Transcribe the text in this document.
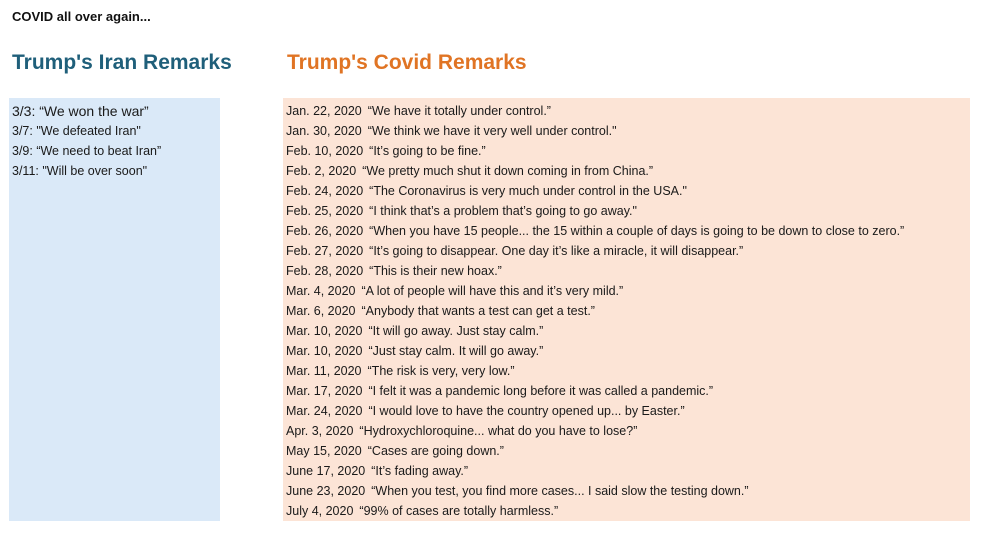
COVID all over again...
Trump's Iran Remarks	Trump's Covid Remarks
3/3: “We won the war”
3/7: "We defeated Iran"
3/9: “We need to beat Iran”
3/11: "Will be over soon"
Jan. 22, 2020 “We have it totally under control.”
Jan. 30, 2020 “We think we have it very well under control."
Feb. 10, 2020 “It’s going to be fine.”
Feb. 2, 2020 “We pretty much shut it down coming in from China.”
Feb. 24, 2020 “The Coronavirus is very much under control in the USA."
Feb. 25, 2020 “I think that’s a problem that’s going to go away."
Feb. 26, 2020 “When you have 15 people... the 15 within a couple of days is going to be down to close to zero.”
Feb. 27, 2020 “It’s going to disappear. One day it’s like a miracle, it will disappear.”
Feb. 28, 2020 “This is their new hoax.”
Mar. 4, 2020 “A lot of people will have this and it’s very mild.”
Mar. 6, 2020 “Anybody that wants a test can get a test.”
Mar. 10, 2020 “It will go away. Just stay calm.”
Mar. 10, 2020 “Just stay calm. It will go away.”
Mar. 11, 2020 “The risk is very, very low.”
Mar. 17, 2020 “I felt it was a pandemic long before it was called a pandemic.”
Mar. 24, 2020 “I would love to have the country opened up... by Easter.”
Apr. 3, 2020 “Hydroxychloroquine... what do you have to lose?”
May 15, 2020 “Cases are going down.”
June 17, 2020 “It’s fading away.”
June 23, 2020 “When you test, you find more cases... I said slow the testing down.”
July 4, 2020 “99% of cases are totally harmless.”
